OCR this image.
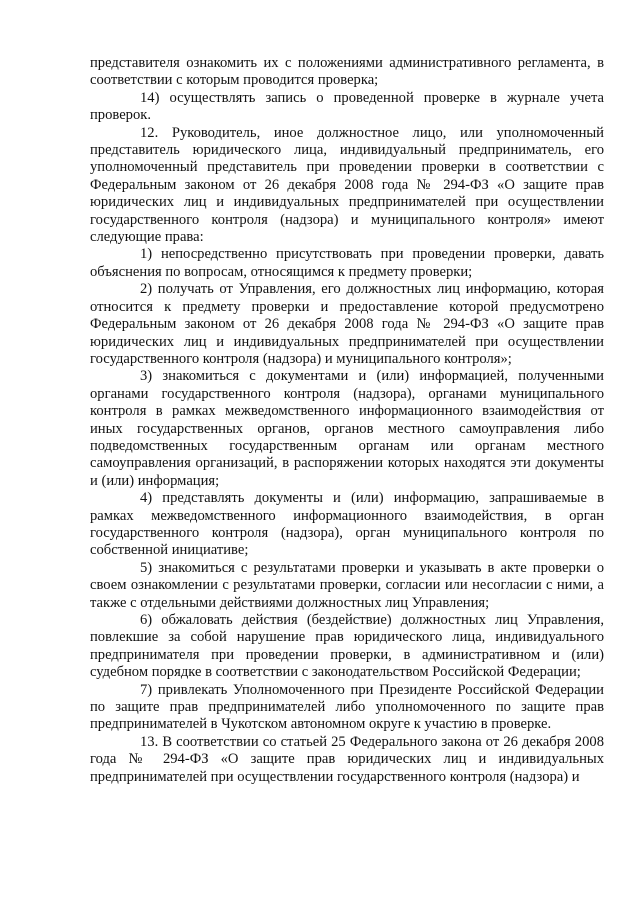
представителя ознакомить их с положениями административного регламента, в соответствии с которым проводится проверка;

14) осуществлять запись о проведенной проверке в журнале учета проверок.

12. Руководитель, иное должностное лицо, или уполномоченный представитель юридического лица, индивидуальный предприниматель, его уполномоченный представитель при проведении проверки в соответствии с Федеральным законом от 26 декабря 2008 года № 294-ФЗ «О защите прав юридических лиц и индивидуальных предпринимателей при осуществлении государственного контроля (надзора) и муниципального контроля» имеют следующие права:

1) непосредственно присутствовать при проведении проверки, давать объяснения по вопросам, относящимся к предмету проверки;

2) получать от Управления, его должностных лиц информацию, которая относится к предмету проверки и предоставление которой предусмотрено Федеральным законом от 26 декабря 2008 года № 294-ФЗ «О защите прав юридических лиц и индивидуальных предпринимателей при осуществлении государственного контроля (надзора) и муниципального контроля»;

3) знакомиться с документами и (или) информацией, полученными органами государственного контроля (надзора), органами муниципального контроля в рамках межведомственного информационного взаимодействия от иных государственных органов, органов местного самоуправления либо подведомственных государственным органам или органам местного самоуправления организаций, в распоряжении которых находятся эти документы и (или) информация;

4) представлять документы и (или) информацию, запрашиваемые в рамках межведомственного информационного взаимодействия, в орган государственного контроля (надзора), орган муниципального контроля по собственной инициативе;

5) знакомиться с результатами проверки и указывать в акте проверки о своем ознакомлении с результатами проверки, согласии или несогласии с ними, а также с отдельными действиями должностных лиц Управления;

6) обжаловать действия (бездействие) должностных лиц Управления, повлекшие за собой нарушение прав юридического лица, индивидуального предпринимателя при проведении проверки, в административном и (или) судебном порядке в соответствии с законодательством Российской Федерации;

7) привлекать Уполномоченного при Президенте Российской Федерации по защите прав предпринимателей либо уполномоченного по защите прав предпринимателей в Чукотском автономном округе к участию в проверке.

13. В соответствии со статьей 25 Федерального закона от 26 декабря 2008 года № 294-ФЗ «О защите прав юридических лиц и индивидуальных предпринимателей при осуществлении государственного контроля (надзора) и
